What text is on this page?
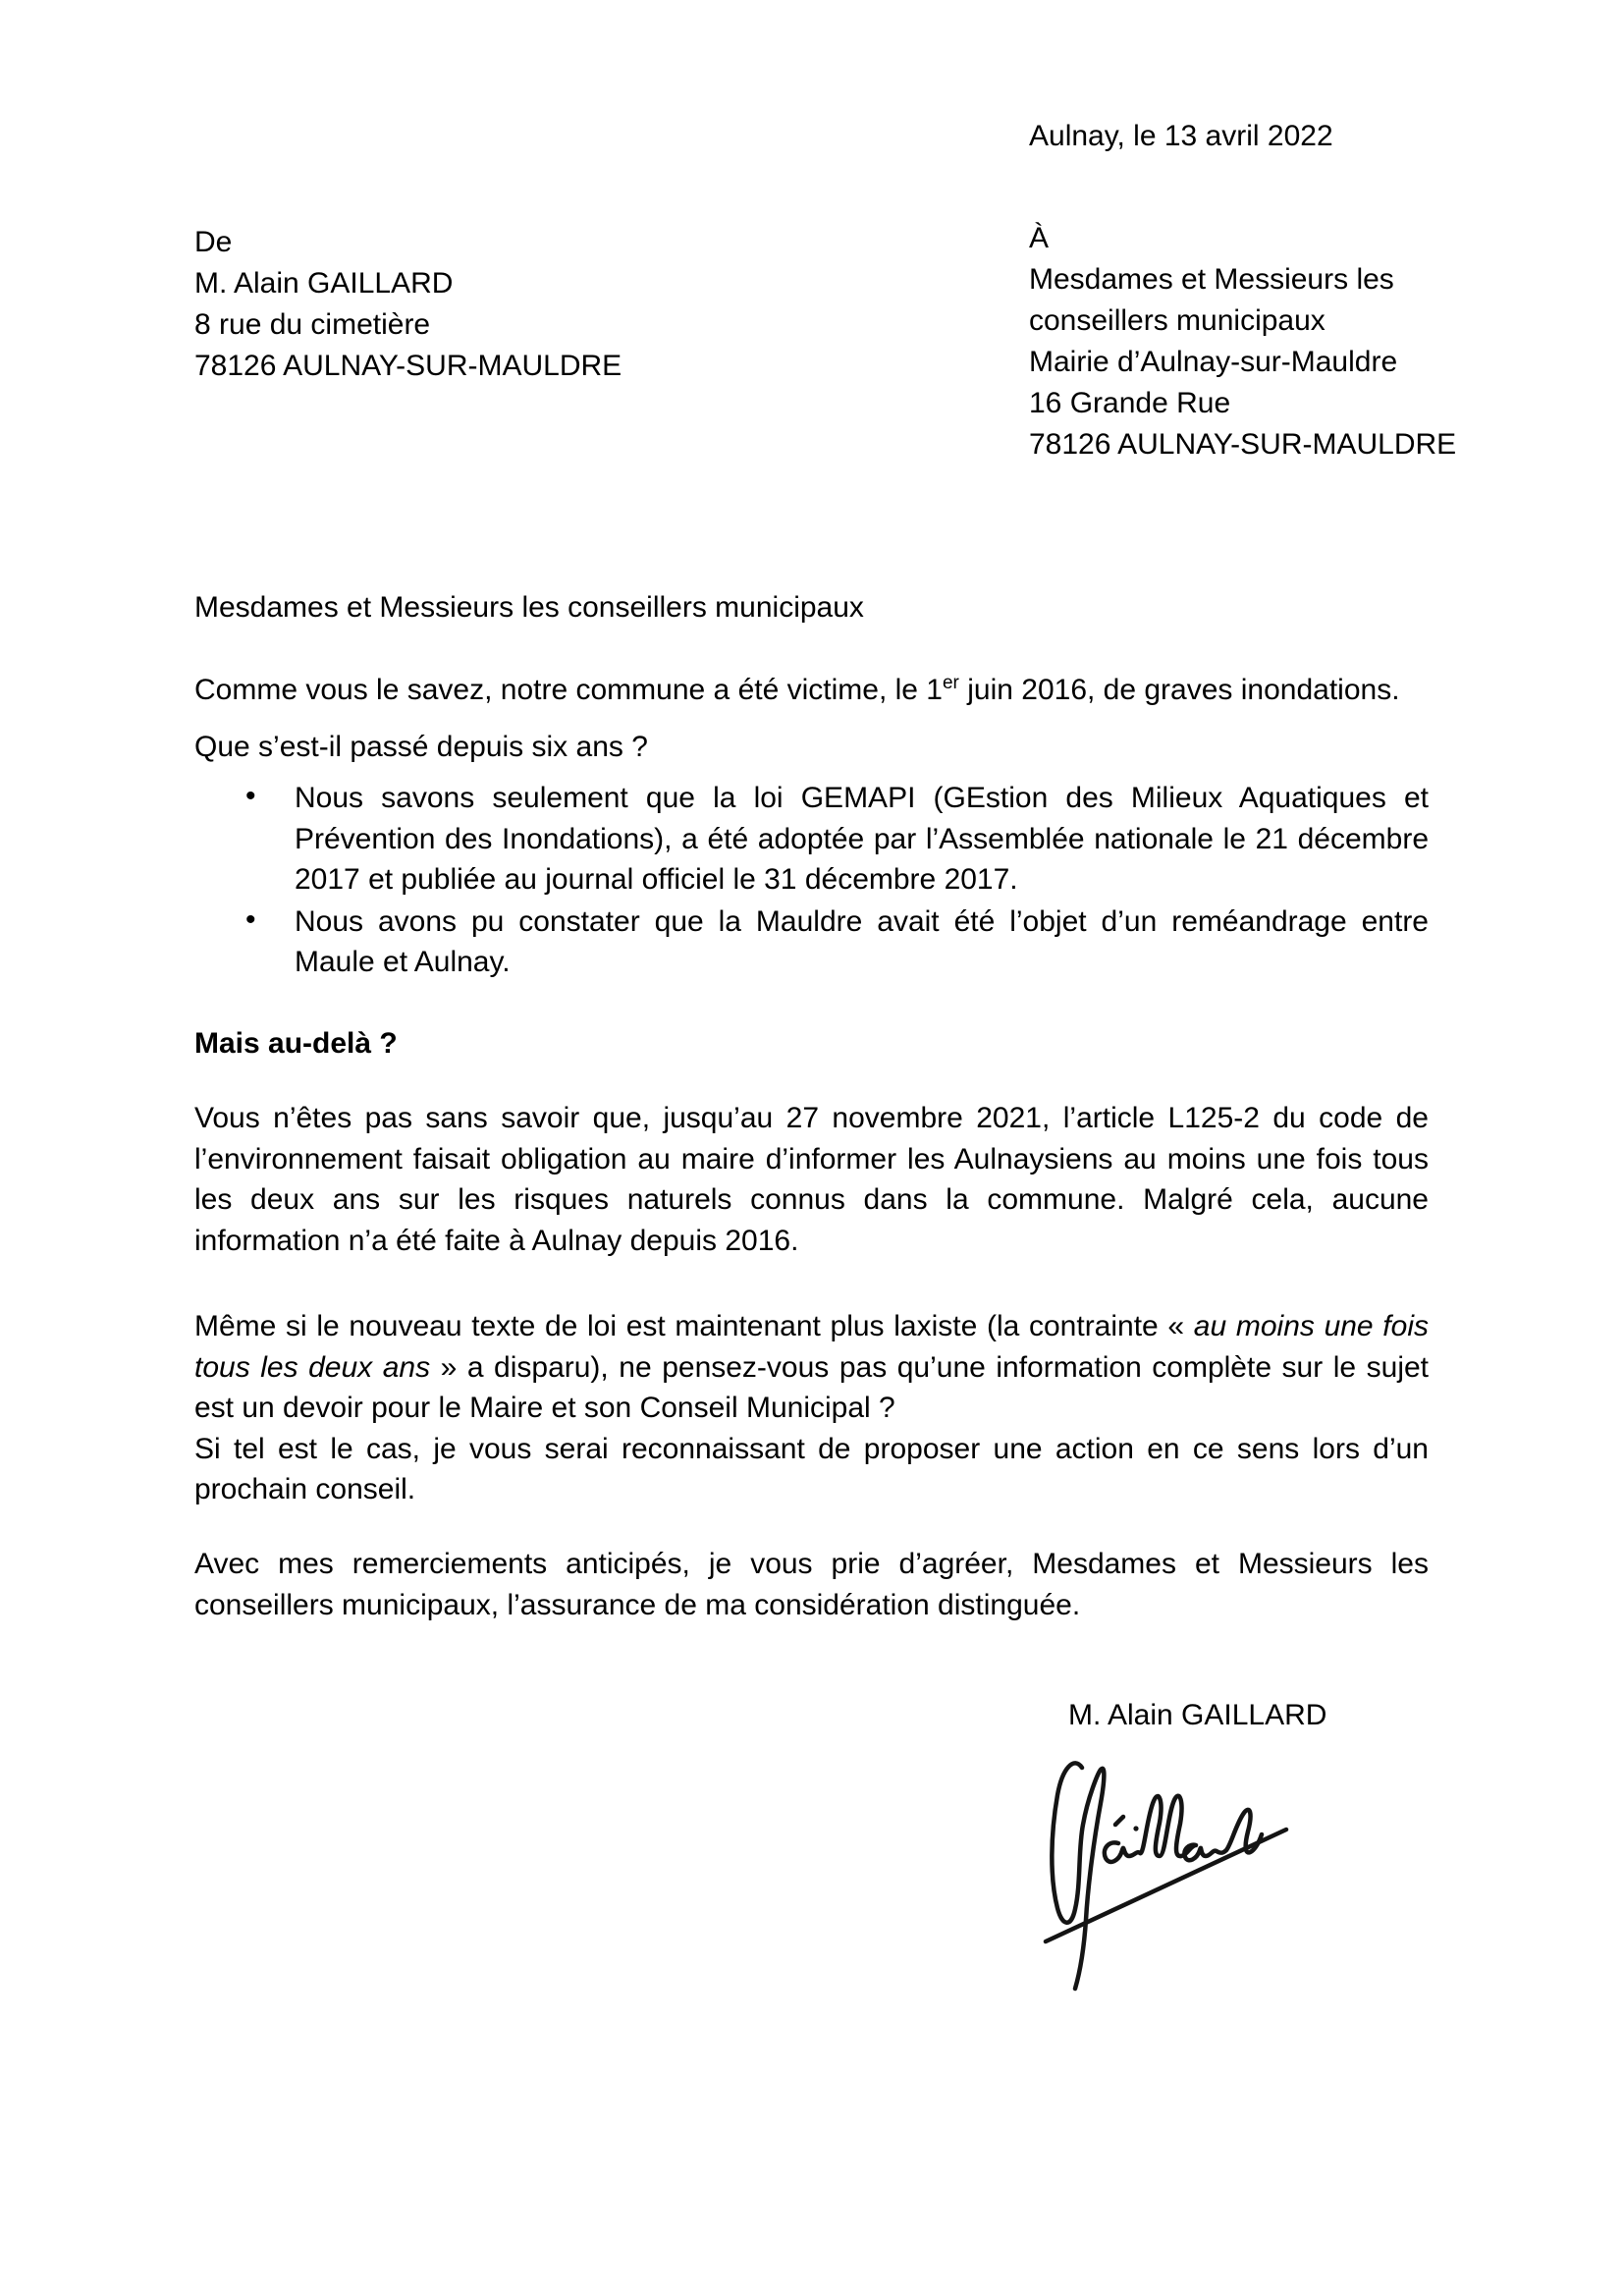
Aulnay, le 13 avril 2022
De
M. Alain GAILLARD
8 rue du cimetière
78126 AULNAY-SUR-MAULDRE
À
Mesdames et Messieurs les
conseillers municipaux
Mairie d’Aulnay-sur-Mauldre
16 Grande Rue
78126 AULNAY-SUR-MAULDRE
Mesdames et Messieurs les conseillers municipaux
Comme vous le savez, notre commune a été victime, le 1er juin 2016, de graves inondations.
Que s’est-il passé depuis six ans ?
• Nous savons seulement que la loi GEMAPI (GEstion des Milieux Aquatiques et Prévention des Inondations), a été adoptée par l’Assemblée nationale le 21 décembre 2017 et publiée au journal officiel le 31 décembre 2017.
• Nous avons pu constater que la Mauldre avait été l’objet d’un reméandrage entre Maule et Aulnay.
Mais au-delà ?
Vous n’êtes pas sans savoir que, jusqu’au 27 novembre 2021, l’article L125-2 du code de l’environnement faisait obligation au maire d’informer les Aulnaysiens au moins une fois tous les deux ans sur les risques naturels connus dans la commune. Malgré cela, aucune information n’a été faite à Aulnay depuis 2016.
Même si le nouveau texte de loi est maintenant plus laxiste (la contrainte « au moins une fois tous les deux ans » a disparu), ne pensez-vous pas qu’une information complète sur le sujet est un devoir pour le Maire et son Conseil Municipal ?
Si tel est le cas, je vous serai reconnaissant de proposer une action en ce sens lors d’un prochain conseil.
Avec mes remerciements anticipés, je vous prie d’agréer, Mesdames et Messieurs les conseillers municipaux, l’assurance de ma considération distinguée.
M. Alain GAILLARD
